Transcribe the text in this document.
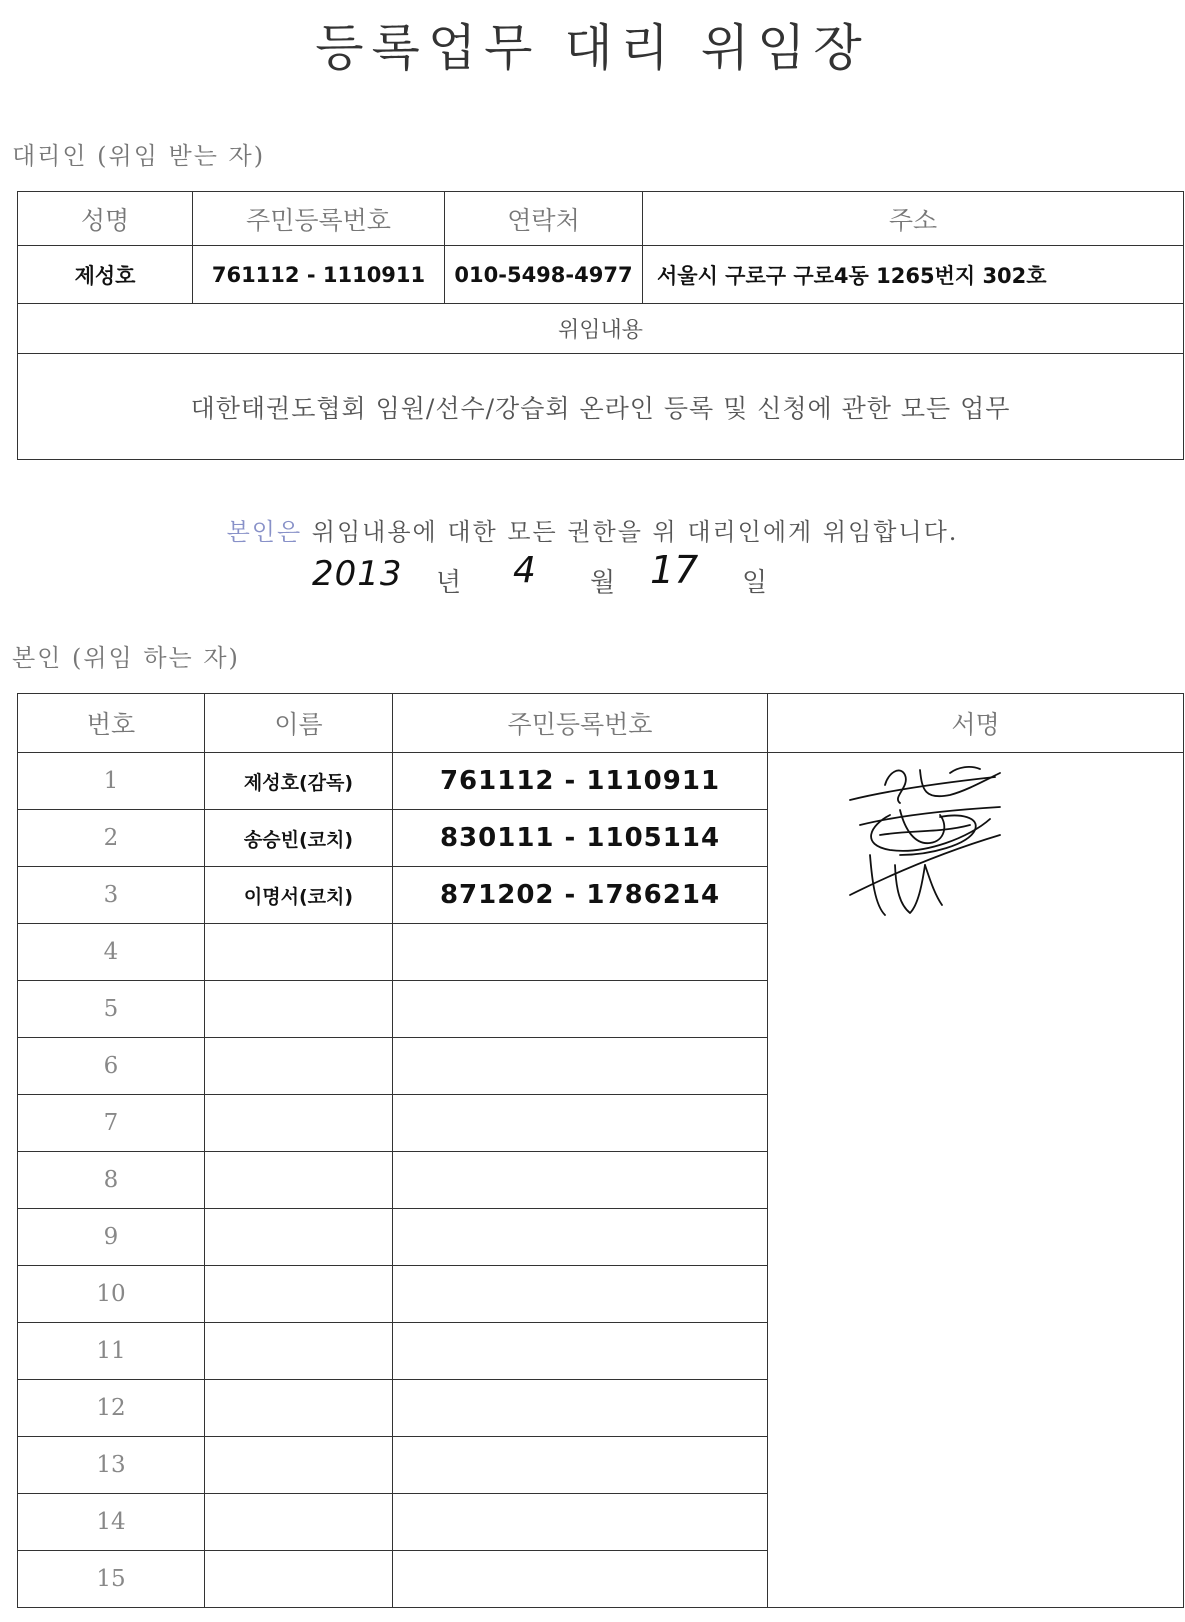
등록업무 대리 위임장
대리인 (위임 받는 자)
성명	주민등록번호	연락처	주소
제성호	761112 - 1110911	010-5498-4977	서울시 구로구 구로4동 1265번지 302호
위임내용			
대한태권도협회 임원/선수/강습회 온라인 등록 및 신청에 관한 모든 업무			
본인은 위임내용에 대한 모든 권한을 위 대리인에게 위임합니다.
2013 년 4 월 17 일
본인 (위임 하는 자)
번호	이름	주민등록번호	서명
1	제성호(감독)	761112 - 1110911	
2	송승빈(코치)	830111 - 1105114	
3	이명서(코치)	871202 - 1786214	
4			
5			
6			
7			
8			
9			
10			
11			
12			
13			
14			
15			
